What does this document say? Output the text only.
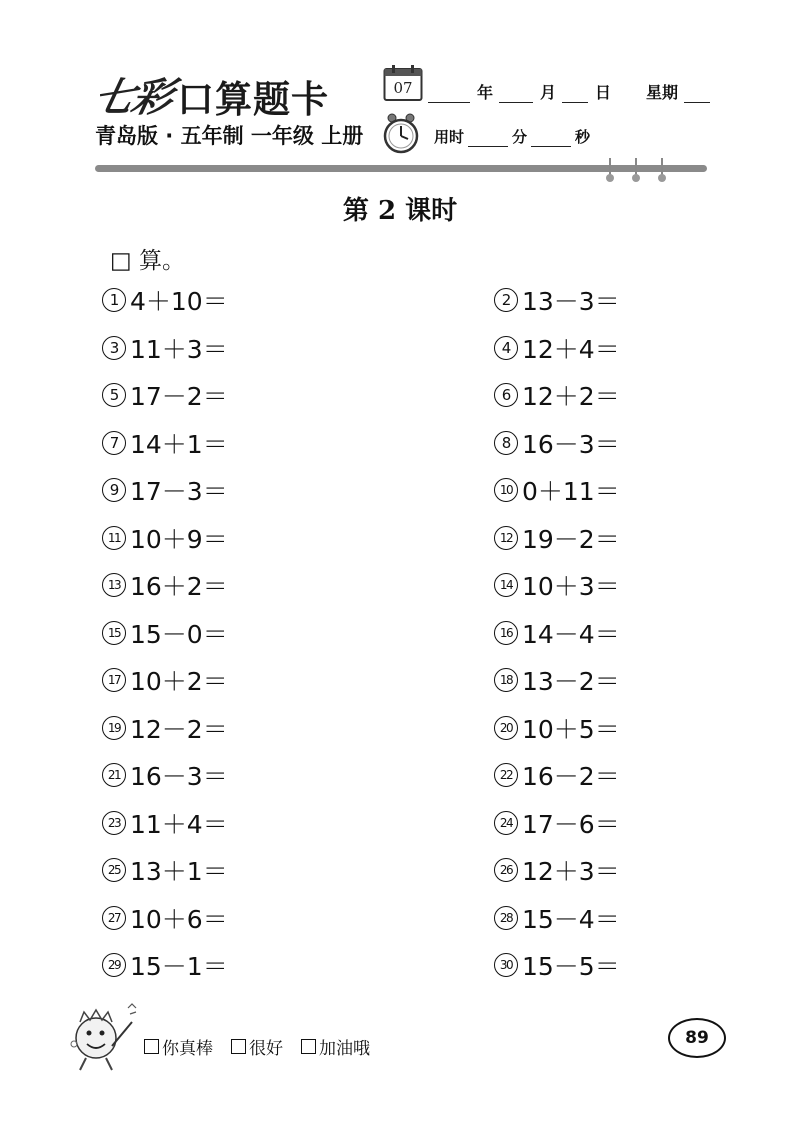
七彩 口算题卡	07	年	月 日 星期
青岛版 · 五年制 一年级 上册	用时	分	秒
第 2 课时
□ 算。
1 4＋10＝	2 13－3＝
3 11＋3＝	4 12＋4＝
5 17－2＝	6 12＋2＝
7 14＋1＝	8 16－3＝
9 17－3＝	10 0＋11＝
11 10＋9＝	12 19－2＝
13 16＋2＝	14 10＋3＝
15 15－0＝	16 14－4＝
17 10＋2＝	18 13－2＝
19 12－2＝	20 10＋5＝
21 16－3＝	22 16－2＝
23 11＋4＝	24 17－6＝
25 13＋1＝	26 12＋3＝
27 10＋6＝	28 15－4＝
29 15－1＝	30 15－5＝
你真棒 很好 加油哦
89
